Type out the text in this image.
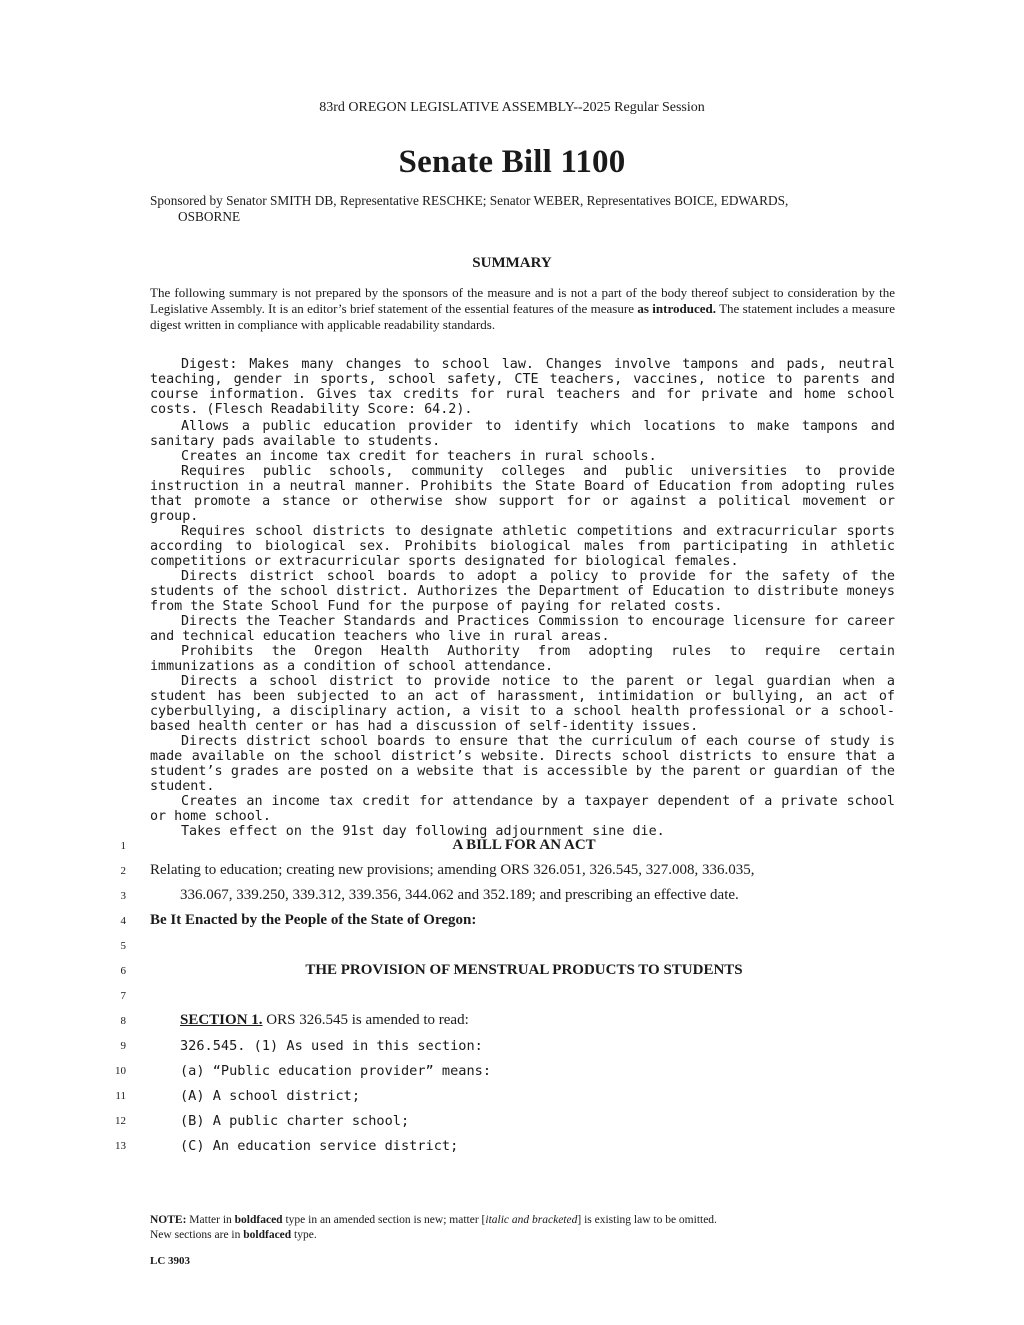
83rd OREGON LEGISLATIVE ASSEMBLY--2025 Regular Session
Senate Bill 1100
Sponsored by Senator SMITH DB, Representative RESCHKE; Senator WEBER, Representatives BOICE, EDWARDS,
OSBORNE
SUMMARY
The following summary is not prepared by the sponsors of the measure and is not a part of the body thereof subject to consideration by the Legislative Assembly. It is an editor’s brief statement of the essential features of the measure as introduced. The statement includes a measure digest written in compliance with applicable readability standards.

Digest: Makes many changes to school law. Changes involve tampons and pads, neutral teaching, gender in sports, school safety, CTE teachers, vaccines, notice to parents and course information. Gives tax credits for rural teachers and for private and home school costs. (Flesch Readability Score: 64.2).

Allows a public education provider to identify which locations to make tampons and sanitary pads available to students.

Creates an income tax credit for teachers in rural schools.

Requires public schools, community colleges and public universities to provide instruction in a neutral manner. Prohibits the State Board of Education from adopting rules that promote a stance or otherwise show support for or against a political movement or group.

Requires school districts to designate athletic competitions and extracurricular sports according to biological sex. Prohibits biological males from participating in athletic competitions or extracurricular sports designated for biological females.

Directs district school boards to adopt a policy to provide for the safety of the students of the school district. Authorizes the Department of Education to distribute moneys from the State School Fund for the purpose of paying for related costs.

Directs the Teacher Standards and Practices Commission to encourage licensure for career and technical education teachers who live in rural areas.

Prohibits the Oregon Health Authority from adopting rules to require certain immunizations as a condition of school attendance.

Directs a school district to provide notice to the parent or legal guardian when a student has been subjected to an act of harassment, intimidation or bullying, an act of cyberbullying, a disciplinary action, a visit to a school health professional or a school-based health center or has had a discussion of self-identity issues.

Directs district school boards to ensure that the curriculum of each course of study is made available on the school district’s website. Directs school districts to ensure that a student’s grades are posted on a website that is accessible by the parent or guardian of the student.

Creates an income tax credit for attendance by a taxpayer dependent of a private school or home school.

Takes effect on the 91st day following adjournment sine die.

1
2
3
4
5
6
7
8
9
10
11
12
13
A BILL FOR AN ACT
Relating to education; creating new provisions; amending ORS 326.051, 326.545, 327.008, 336.035,
336.067, 339.250, 339.312, 339.356, 344.062 and 352.189; and prescribing an effective date.
Be It Enacted by the People of the State of Oregon:
THE PROVISION OF MENSTRUAL PRODUCTS TO STUDENTS
SECTION 1. ORS 326.545 is amended to read:
326.545. (1) As used in this section:
(a) “Public education provider” means:
(A) A school district;
(B) A public charter school;
(C) An education service district;
NOTE: Matter in boldfaced type in an amended section is new; matter [italic and bracketed] is existing law to be omitted.
New sections are in boldfaced type.
LC 3903
